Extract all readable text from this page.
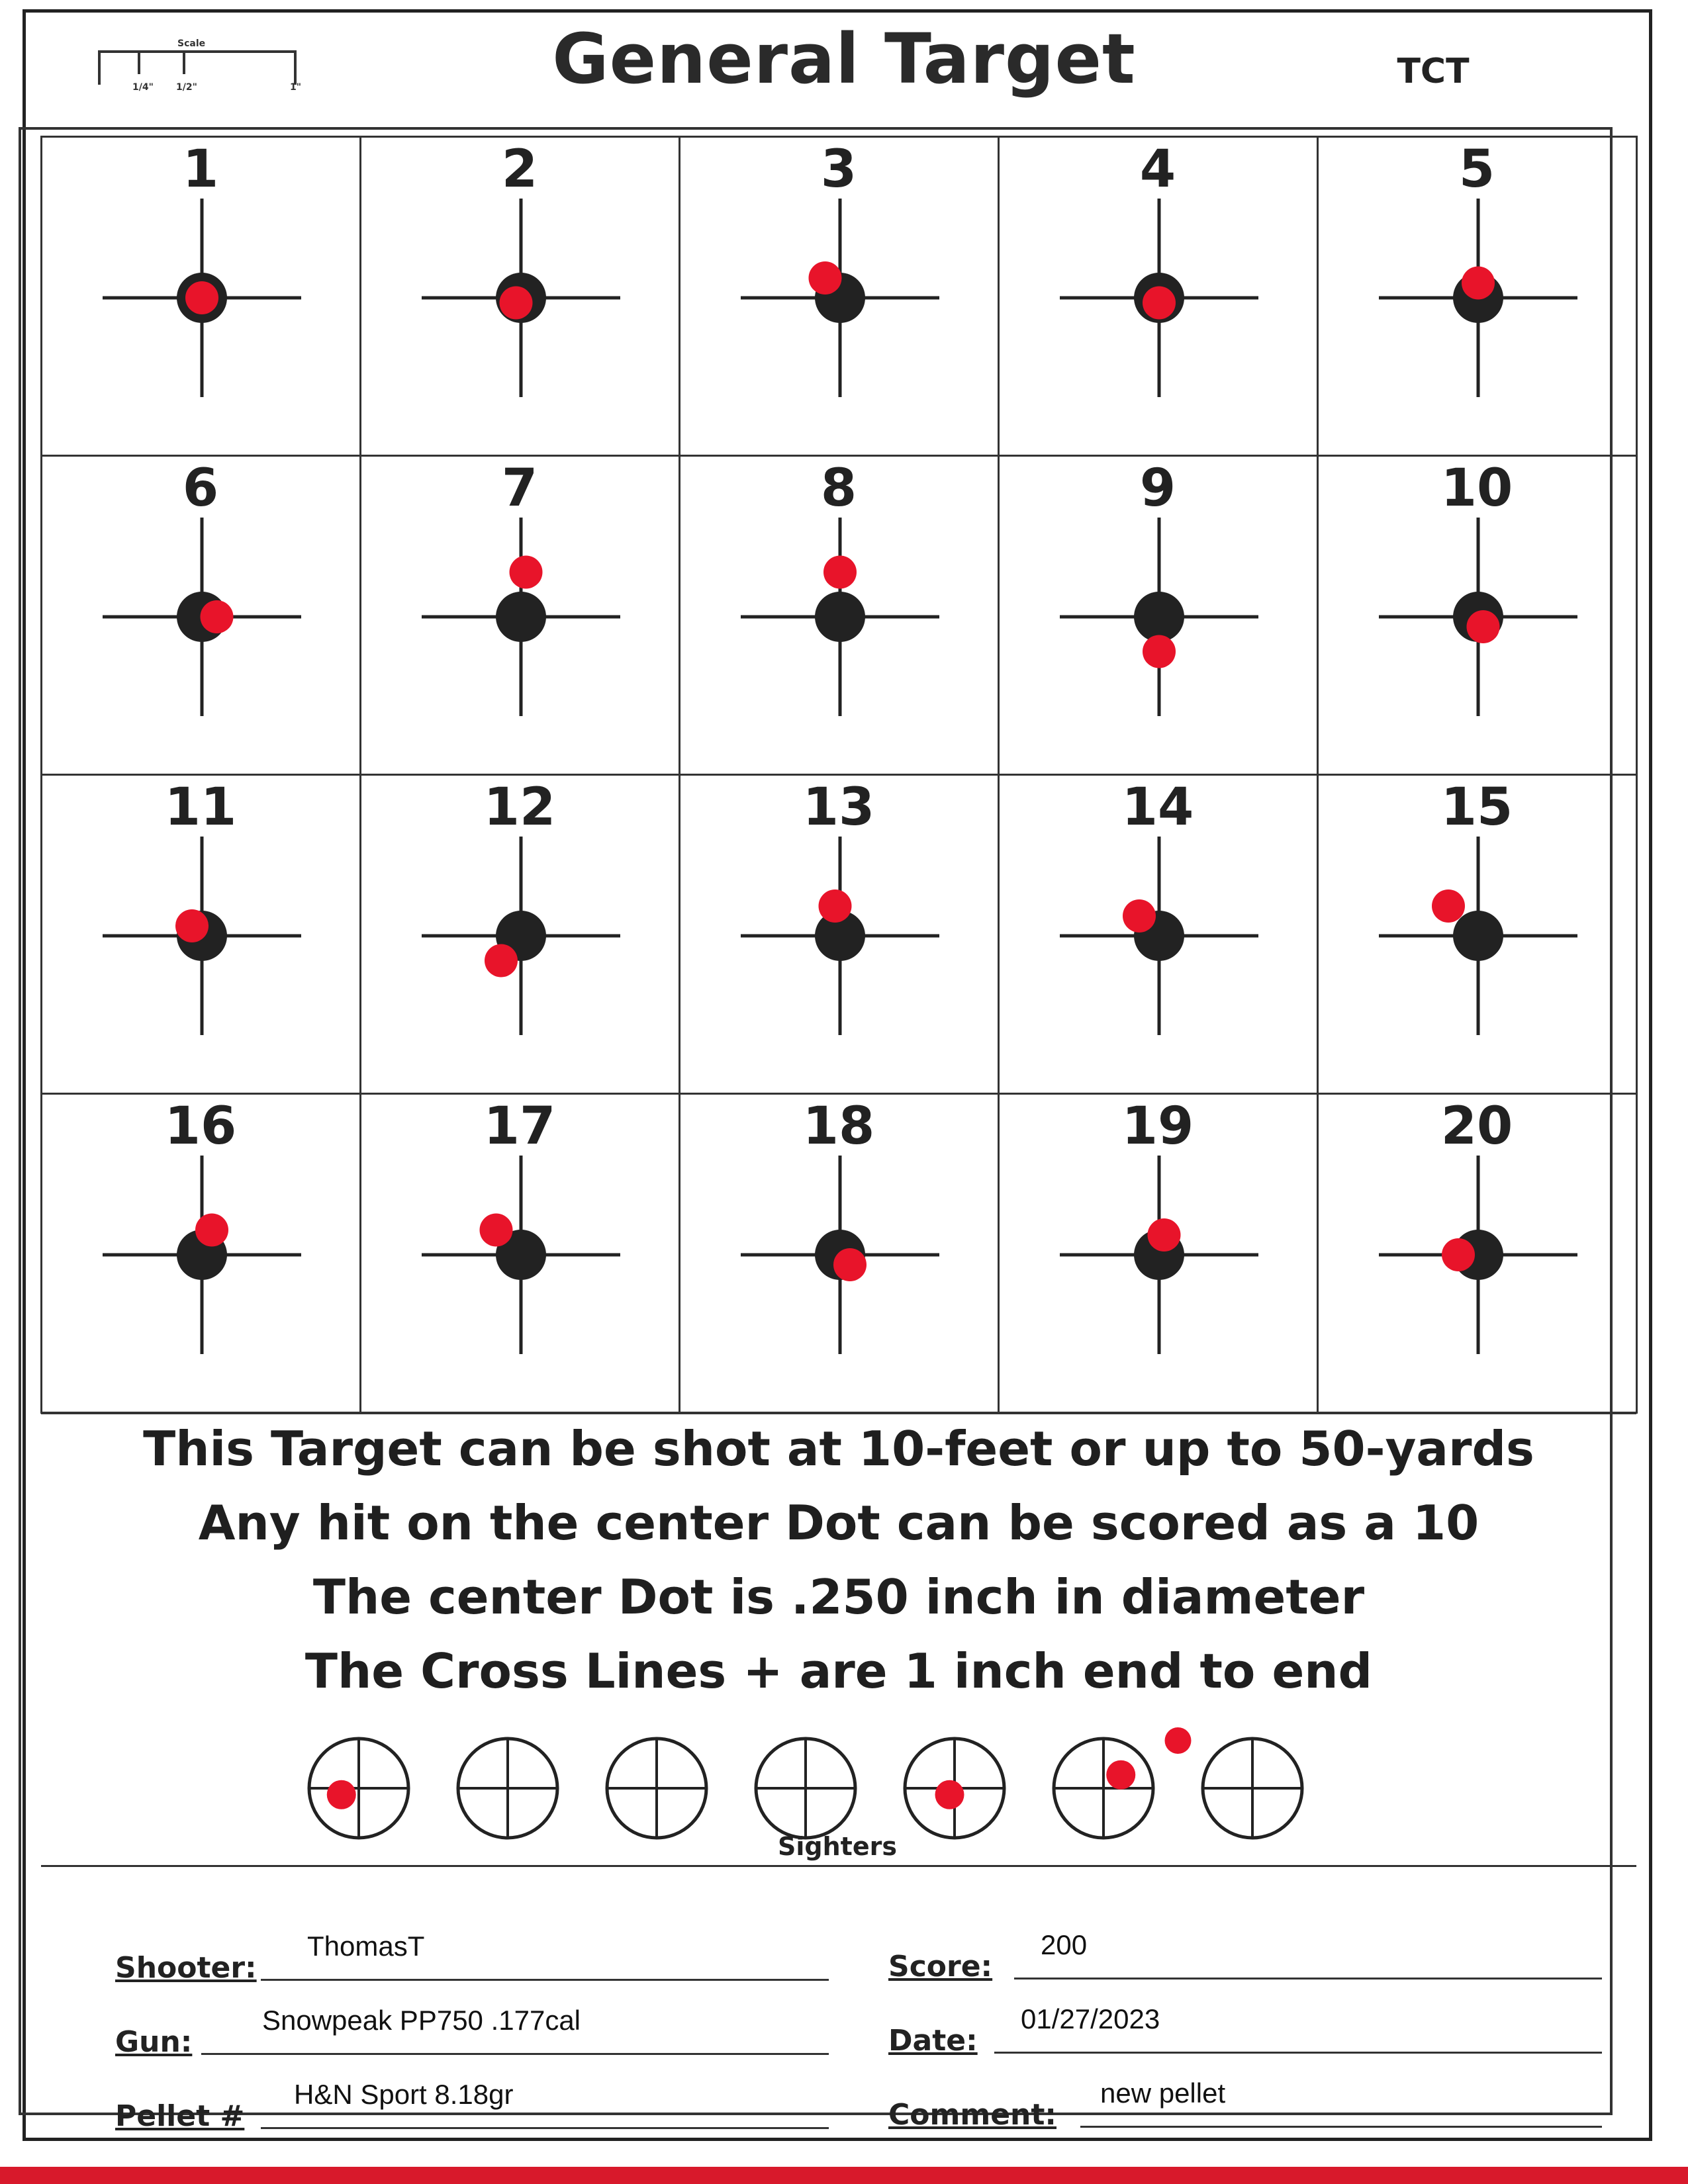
Scale
1/4" 1/2"	1"	General Target	TCT
1	2	3	4	5
6	7	8	9	10
11	12	13	14	15
16	17	18	19	20
This Target can be shot at 10-feet or up to 50-yards
Any hit on the center Dot can be scored as a 10
The center Dot is .250 inch in diameter
The Cross Lines + are 1 inch end to end
Sighters
Shooter:
ThomasT
Gun:
Snowpeak PP750 .177cal
Pellet #
H&N Sport 8.18gr
Score:
200
Date:
01/27/2023
Comment:
new pellet
